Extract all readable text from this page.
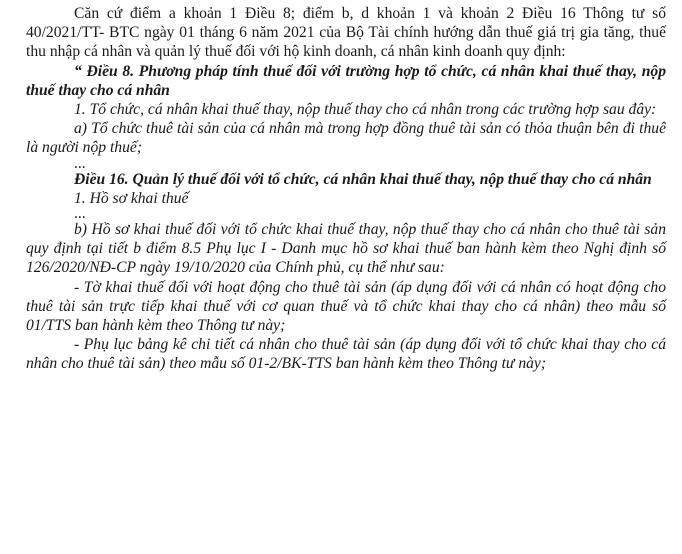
Căn cứ điểm a khoản 1 Điều 8; điểm b, d khoản 1 và khoản 2 Điều 16 Thông tư số 40/2021/TT- BTC ngày 01 tháng 6 năm 2021 của Bộ Tài chính hướng dẫn thuế giá trị gia tăng, thuế thu nhập cá nhân và quản lý thuế đối với hộ kinh doanh, cá nhân kinh doanh quy định:

“ Điều 8. Phương pháp tính thuế đối với trường hợp tổ chức, cá nhân khai thuế thay, nộp thuế thay cho cá nhân

1. Tổ chức, cá nhân khai thuế thay, nộp thuế thay cho cá nhân trong các trường hợp sau đây:

a) Tổ chức thuê tài sản của cá nhân mà trong hợp đồng thuê tài sản có thỏa thuận bên đi thuê là người nộp thuế;

...

Điều 16. Quản lý thuế đối với tổ chức, cá nhân khai thuế thay, nộp thuế thay cho cá nhân

1. Hồ sơ khai thuế

...

b) Hồ sơ khai thuế đối với tổ chức khai thuế thay, nộp thuế thay cho cá nhân cho thuê tài sản quy định tại tiết b điểm 8.5 Phụ lục I - Danh mục hồ sơ khai thuế ban hành kèm theo Nghị định số 126/2020/NĐ-CP ngày 19/10/2020 của Chính phủ, cụ thể như sau:

- Tờ khai thuế đối với hoạt động cho thuê tài sản (áp dụng đối với cá nhân có hoạt động cho thuê tài sản trực tiếp khai thuế với cơ quan thuế và tổ chức khai thay cho cá nhân) theo mẫu số 01/TTS ban hành kèm theo Thông tư này;

- Phụ lục bảng kê chi tiết cá nhân cho thuê tài sản (áp dụng đối với tổ chức khai thay cho cá nhân cho thuê tài sản) theo mẫu số 01-2/BK-TTS ban hành kèm theo Thông tư này;
